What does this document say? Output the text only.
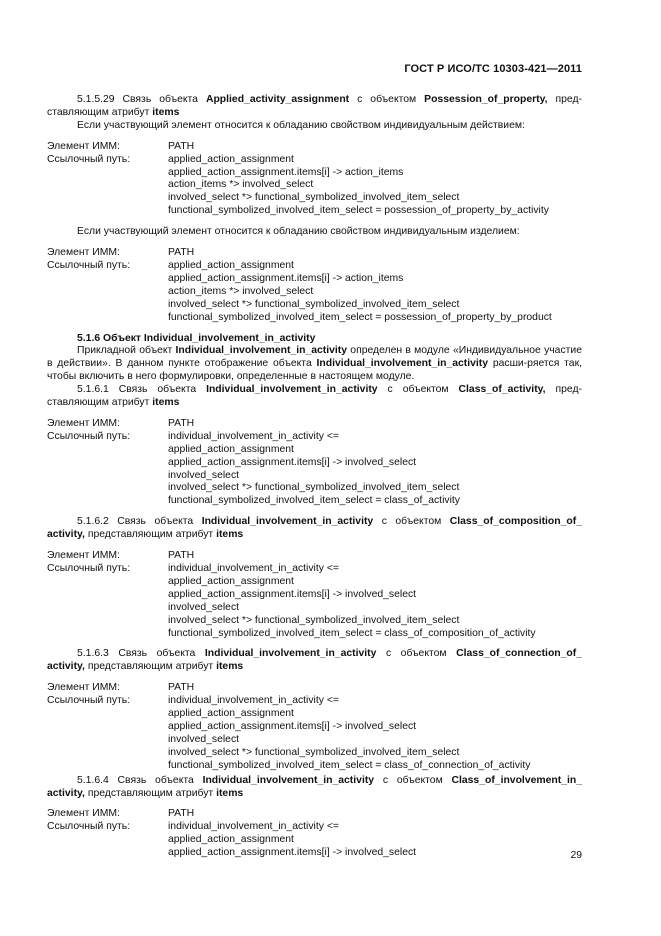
ГОСТ Р ИСО/ТС 10303-421—2011

5.1.5.29 Связь объекта Applied_activity_assignment с объектом Possession_of_property, пред-ставляющим атрибут items

Если участвующий элемент относится к обладанию свойством индивидуальным действием:

Элемент ИММ:	PATH
Ссылочный путь:	applied_action_assignment
applied_action_assignment.items[i] -> action_items
action_items *> involved_select
involved_select *> functional_symbolized_involved_item_select
functional_symbolized_involved_item_select = possession_of_property_by_activity

Если участвующий элемент относится к обладанию свойством индивидуальным изделием:

Элемент ИММ:	PATH
Ссылочный путь:	applied_action_assignment
applied_action_assignment.items[i] -> action_items
action_items *> involved_select
involved_select *> functional_symbolized_involved_item_select
functional_symbolized_involved_item_select = possession_of_property_by_product

5.1.6 Объект Individual_involvement_in_activity

Прикладной объект Individual_involvement_in_activity определен в модуле «Индивидуальное участие в действии». В данном пункте отображение объекта Individual_involvement_in_activity расши-ряется так, чтобы включить в него формулировки, определенные в настоящем модуле.

5.1.6.1 Связь объекта Individual_involvement_in_activity с объектом Class_of_activity, пред-ставляющим атрибут items

Элемент ИММ:	PATH
Ссылочный путь:	individual_involvement_in_activity <=
applied_action_assignment
applied_action_assignment.items[i] -> involved_select
involved_select
involved_select *> functional_symbolized_involved_item_select
functional_symbolized_involved_item_select = class_of_activity

5.1.6.2 Связь объекта Individual_involvement_in_activity с объектом Class_of_composition_of_ activity, представляющим атрибут items

Элемент ИММ:	PATH
Ссылочный путь:	individual_involvement_in_activity <=
applied_action_assignment
applied_action_assignment.items[i] -> involved_select
involved_select
involved_select *> functional_symbolized_involved_item_select
functional_symbolized_involved_item_select = class_of_composition_of_activity

5.1.6.3 Связь объекта Individual_involvement_in_activity с объектом Class_of_connection_of_ activity, представляющим атрибут items

Элемент ИММ:	PATH
Ссылочный путь:	individual_involvement_in_activity <=
applied_action_assignment
applied_action_assignment.items[i] -> involved_select
involved_select
involved_select *> functional_symbolized_involved_item_select
functional_symbolized_involved_item_select = class_of_connection_of_activity

5.1.6.4 Связь объекта Individual_involvement_in_activity с объектом Class_of_involvement_in_ activity, представляющим атрибут items

Элемент ИММ:	PATH
Ссылочный путь:	individual_involvement_in_activity <=
applied_action_assignment
applied_action_assignment.items[i] -> involved_select	29
